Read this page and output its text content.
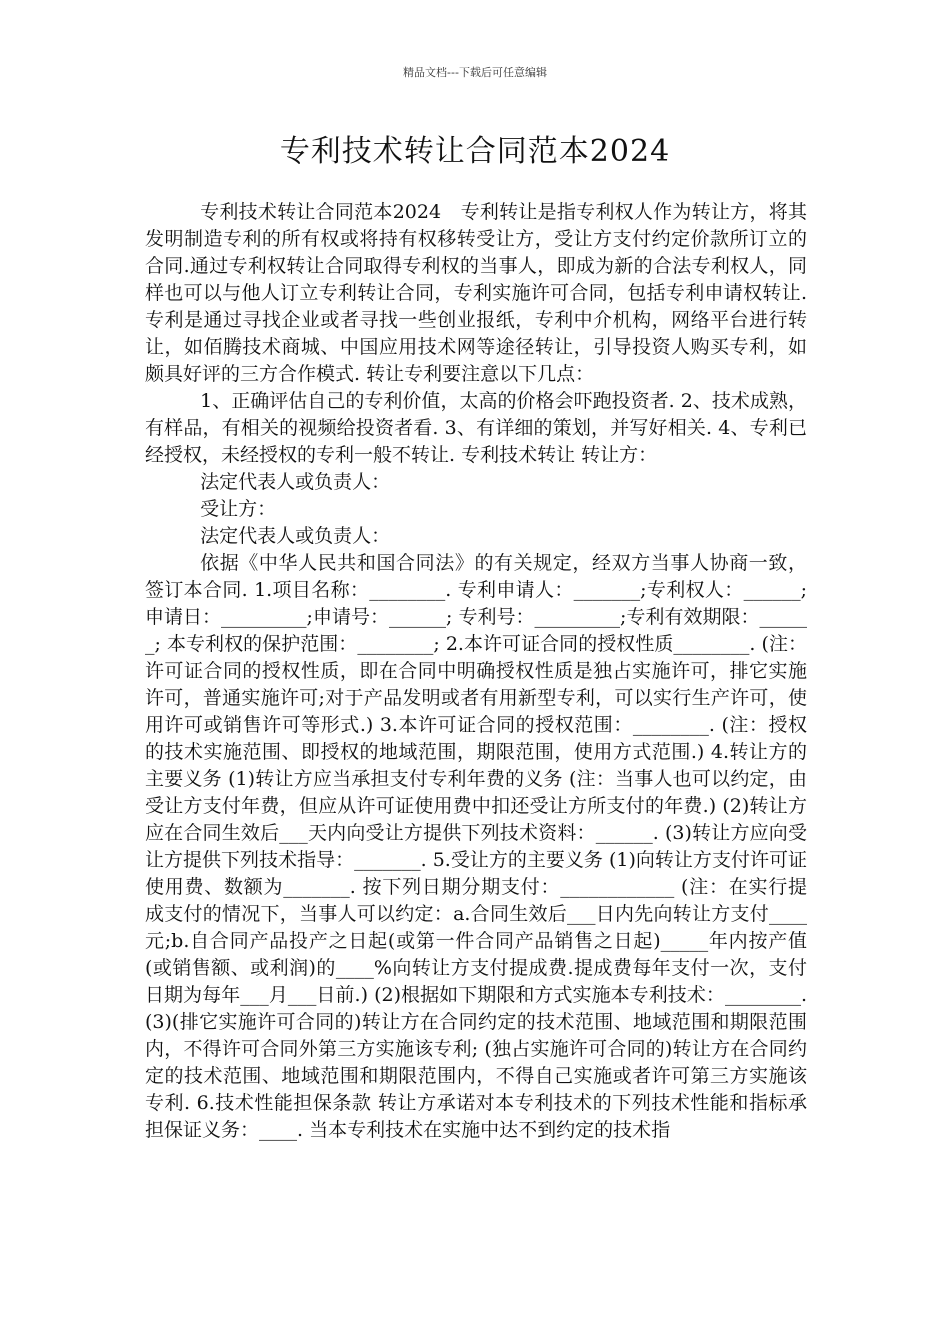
精品文档---下载后可任意编辑
专利技术转让合同范本2024

专利技术转让合同范本2024　专利转让是指专利权人作为转让方，将其发明制造专利的所有权或将持有权移转受让方，受让方支付约定价款所订立的合同.通过专利权转让合同取得专利权的当事人，即成为新的合法专利权人，同样也可以与他人订立专利转让合同，专利实施许可合同，包括专利申请权转让. 专利是通过寻找企业或者寻找一些创业报纸，专利中介机构，网络平台进行转让，如佰腾技术商城、中国应用技术网等途径转让，引导投资人购买专利，如颇具好评的三方合作模式. 转让专利要注意以下几点：

1、正确评估自己的专利价值，太高的价格会吓跑投资者. 2、技术成熟，有样品，有相关的视频给投资者看. 3、有详细的策划，并写好相关. 4、专利已经授权，未经授权的专利一般不转让. 专利技术转让 转让方：

法定代表人或负责人：

受让方：

法定代表人或负责人：

依据《中华人民共和国合同法》的有关规定，经双方当事人协商一致，签订本合同. 1.项目名称：________. 专利申请人：_______;专利权人：______; 申请日：_________;申请号：______; 专利号：_________;专利有效期限：______; 本专利权的保护范围：________; 2.本许可证合同的授权性质________. (注：许可证合同的授权性质，即在合同中明确授权性质是独占实施许可，排它实施许可，普通实施许可;对于产品发明或者有用新型专利，可以实行生产许可，使用许可或销售许可等形式.) 3.本许可证合同的授权范围：________. (注：授权的技术实施范围、即授权的地域范围，期限范围，使用方式范围.) 4.转让方的主要义务 (1)转让方应当承担支付专利年费的义务 (注：当事人也可以约定，由受让方支付年费，但应从许可证使用费中扣还受让方所支付的年费.) (2)转让方应在合同生效后___天内向受让方提供下列技术资料：______. (3)转让方应向受让方提供下列技术指导：_______. 5.受让方的主要义务 (1)向转让方支付许可证使用费、数额为_______. 按下列日期分期支付：____________ (注：在实行提成支付的情况下，当事人可以约定：a.合同生效后___日内先向转让方支付____元;b.自合同产品投产之日起(或第一件合同产品销售之日起)_____年内按产值(或销售额、或利润)的____%向转让方支付提成费.提成费每年支付一次，支付日期为每年___月___日前.) (2)根据如下期限和方式实施本专利技术：________. (3)(排它实施许可合同的)转让方在合同约定的技术范围、地域范围和期限范围内，不得许可合同外第三方实施该专利; (独占实施许可合同的)转让方在合同约定的技术范围、地域范围和期限范围内，不得自己实施或者许可第三方实施该专利. 6.技术性能担保条款 转让方承诺对本专利技术的下列技术性能和指标承担保证义务：____. 当本专利技术在实施中达不到约定的技术指
